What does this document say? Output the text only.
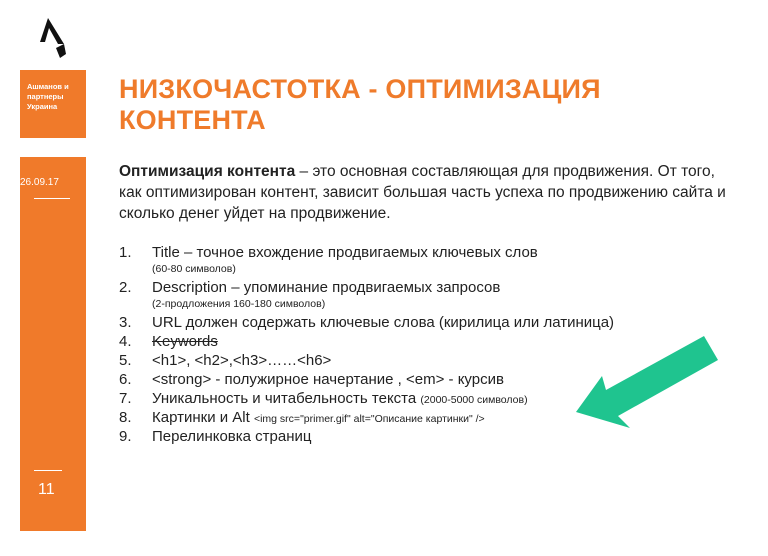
Ашманов и партнеры Украина
26.09.17
11
НИЗКОЧАСТОТКА - ОПТИМИЗАЦИЯ КОНТЕНТА
Оптимизация контента – это основная составляющая для продвижения. От того, как оптимизирован контент, зависит большая часть успеха по продвижению сайта и сколько денег уйдет на продвижение.
1.	Title – точное вхождение продвигаемых ключевых слов
(60-80 символов)
2.	Description – упоминание продвигаемых запросов
(2-продложения 160-180 символов)
3.	URL должен содержать ключевые слова (кирилица или латиница)
4.	Keywords
5.	<h1>, <h2>,<h3>……<h6>
6.	<strong> - полужирное начертание , <em> - курсив
7.	Уникальность и читабельность текста (2000-5000 символов)
8.	Картинки и Alt <img src="primer.gif" alt="Описание картинки" />
9.	Перелинковка страниц
